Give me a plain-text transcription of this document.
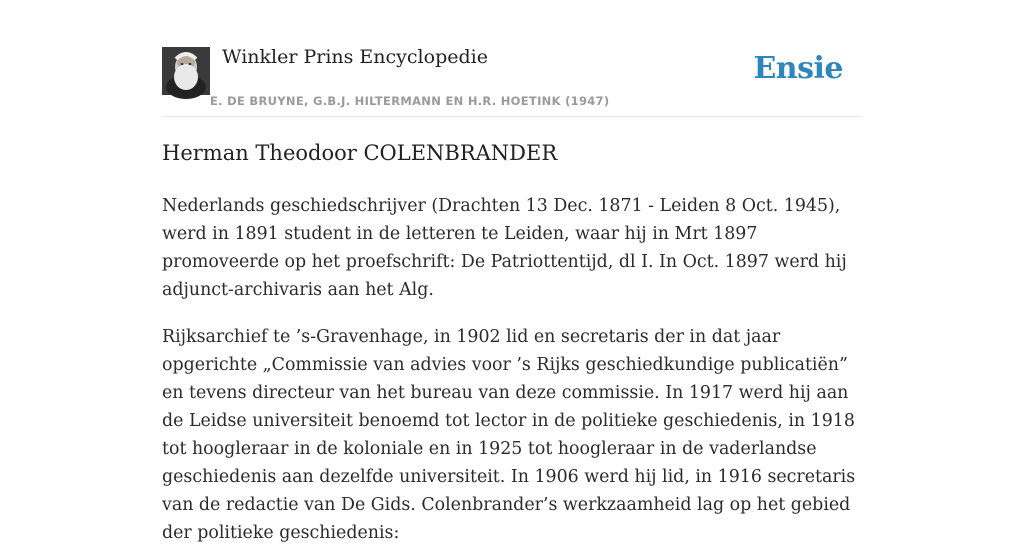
Winkler Prins Encyclopedie
E. DE BRUYNE, G.B.J. HILTERMANN EN H.R. HOETINK (1947)
Ensie
Herman Theodoor COLENBRANDER

Nederlands geschiedschrijver (Drachten 13 Dec. 1871 - Leiden 8 Oct. 1945), werd in 1891 student in de letteren te Leiden, waar hij in Mrt 1897 promoveerde op het proefschrift: De Patriottentijd, dl I. In Oct. 1897 werd hij adjunct-archivaris aan het Alg.

Rijksarchief te ’s-Gravenhage, in 1902 lid en secretaris der in dat jaar opgerichte „Commissie van advies voor ’s Rijks geschiedkundige publicatiën” en tevens directeur van het bureau van deze commissie. In 1917 werd hij aan de Leidse universiteit benoemd tot lector in de politieke geschiedenis, in 1918 tot hoogleraar in de koloniale en in 1925 tot hoogleraar in de vaderlandse geschiedenis aan dezelfde universiteit. In 1906 werd hij lid, in 1916 secretaris van de redactie van De Gids. Colenbrander’s werkzaamheid lag op het gebied der politieke geschiedenis:
